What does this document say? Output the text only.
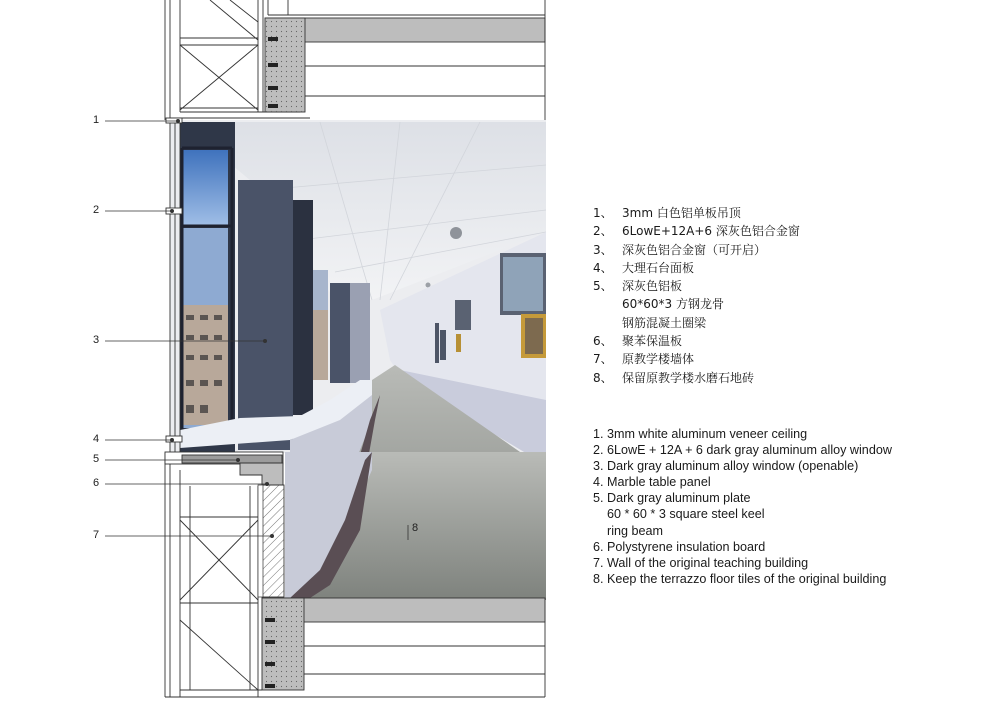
1
2
3
4
5
6
7
8
1、 3mm 白色铝单板吊顶
2、 6LowE+12A+6 深灰色铝合金窗
3、 深灰色铝合金窗（可开启）
4、 大理石台面板
5、 深灰色铝板
60*60*3 方钢龙骨
钢筋混凝土圈梁
6、 聚苯保温板
7、 原教学楼墙体
8、 保留原教学楼水磨石地砖
1. 3mm white aluminum veneer ceiling
2. 6LowE + 12A + 6 dark gray aluminum alloy window
3. Dark gray aluminum alloy window (openable)
4. Marble table panel
5. Dark gray aluminum plate
60 * 60 * 3 square steel keel
ring beam
6. Polystyrene insulation board
7. Wall of the original teaching building
8. Keep the terrazzo floor tiles of the original building
